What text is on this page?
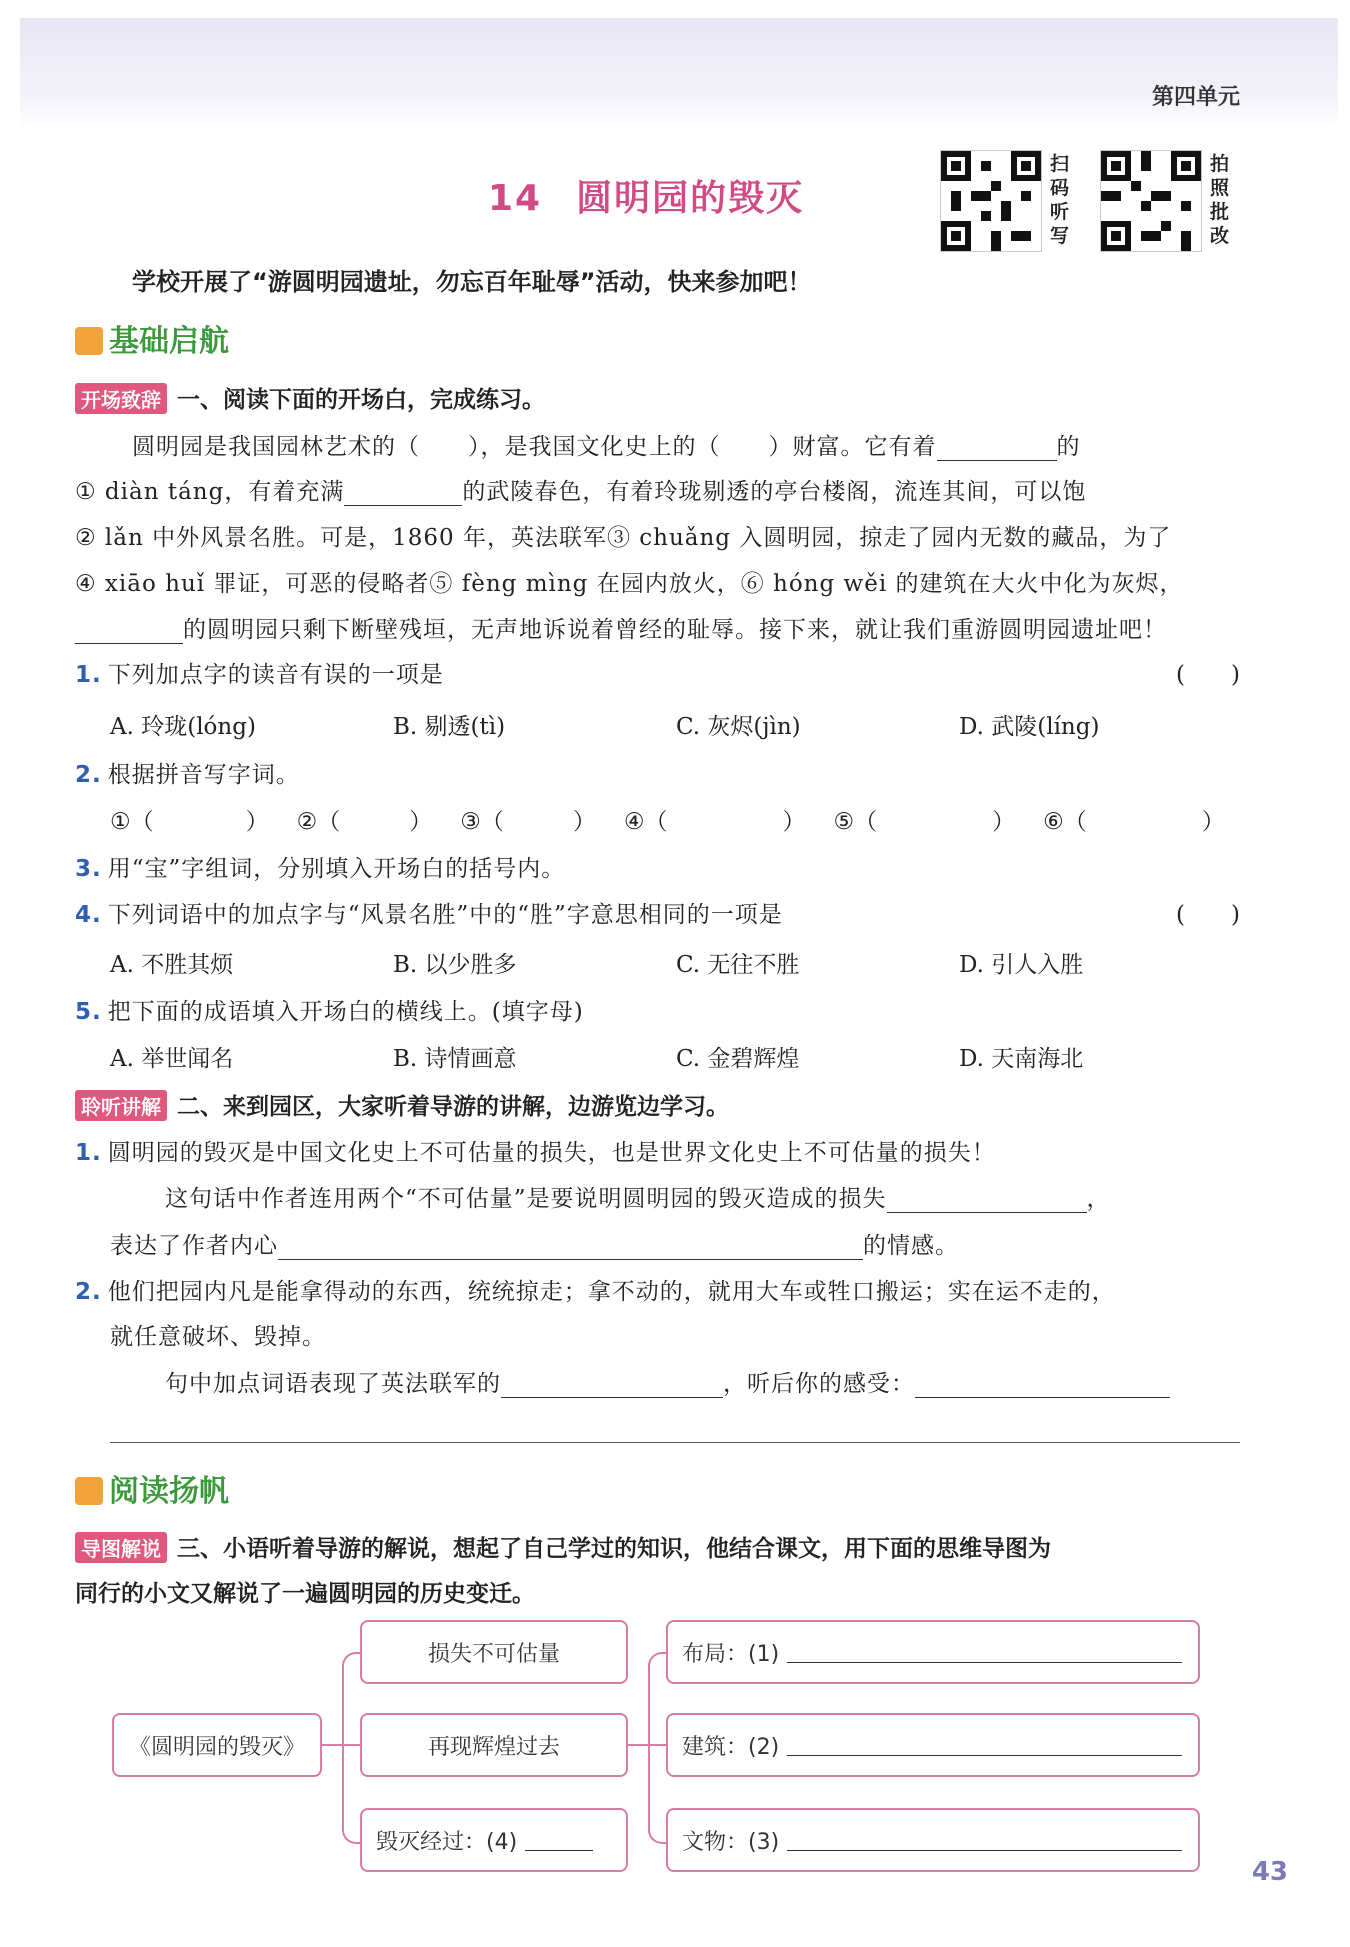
第四单元
14 圆明园的毁灭
扫码听写
拍照批改
学校开展了“游圆明园遗址，勿忘百年耻辱”活动，快来参加吧！
基础启航
开场致辞 一、阅读下面的开场白，完成练习。
圆明园是我国园林艺术的（　　），是我国文化史上的（　　）财富。它有着	的
① diàn táng，有着充满	的武陵春色，有着玲珑剔透的亭台楼阁，流连其间，可以饱
② lǎn 中外风景名胜。可是，1860 年，英法联军③ chuǎng 入圆明园，掠走了园内无数的藏品，为了
④ xiāo huǐ 罪证，可恶的侵略者⑤ fèng mìng 在园内放火，⑥ hóng wěi 的建筑在大火中化为灰烬，
的圆明园只剩下断壁残垣，无声地诉说着曾经的耻辱。接下来，就让我们重游圆明园遗址吧！
1. 下列加点字的读音有误的一项是	(　　)
A. 玲珑(lóng)	B. 剔透(tì)	C. 灰烬(jìn)	D. 武陵(líng)
2. 根据拼音写字词。
①（　　　　） ②（　　　） ③（　　　） ④（　　　　　） ⑤（　　　　　） ⑥（　　　　　）
3. 用“宝”字组词，分别填入开场白的括号内。
4. 下列词语中的加点字与“风景名胜”中的“胜”字意思相同的一项是	(　　)
A. 不胜其烦	B. 以少胜多	C. 无往不胜	D. 引人入胜
5. 把下面的成语填入开场白的横线上。(填字母)
A. 举世闻名	B. 诗情画意	C. 金碧辉煌	D. 天南海北
聆听讲解 二、来到园区，大家听着导游的讲解，边游览边学习。
1. 圆明园的毁灭是中国文化史上不可估量的损失，也是世界文化史上不可估量的损失！
这句话中作者连用两个“不可估量”是要说明圆明园的毁灭造成的损失	，
表达了作者内心	的情感。
2. 他们把园内凡是能拿得动的东西，统统掠走；拿不动的，就用大车或牲口搬运；实在运不走的，
就任意破坏、毁掉。
句中加点词语表现了英法联军的	，听后你的感受：
阅读扬帆
导图解说 三、小语听着导游的解说，想起了自己学过的知识，他结合课文，用下面的思维导图为
同行的小文又解说了一遍圆明园的历史变迁。
《圆明园的毁灭》
损失不可估量
再现辉煌过去
毁灭经过：(4)
布局：(1)
建筑：(2)
文物：(3)
43
